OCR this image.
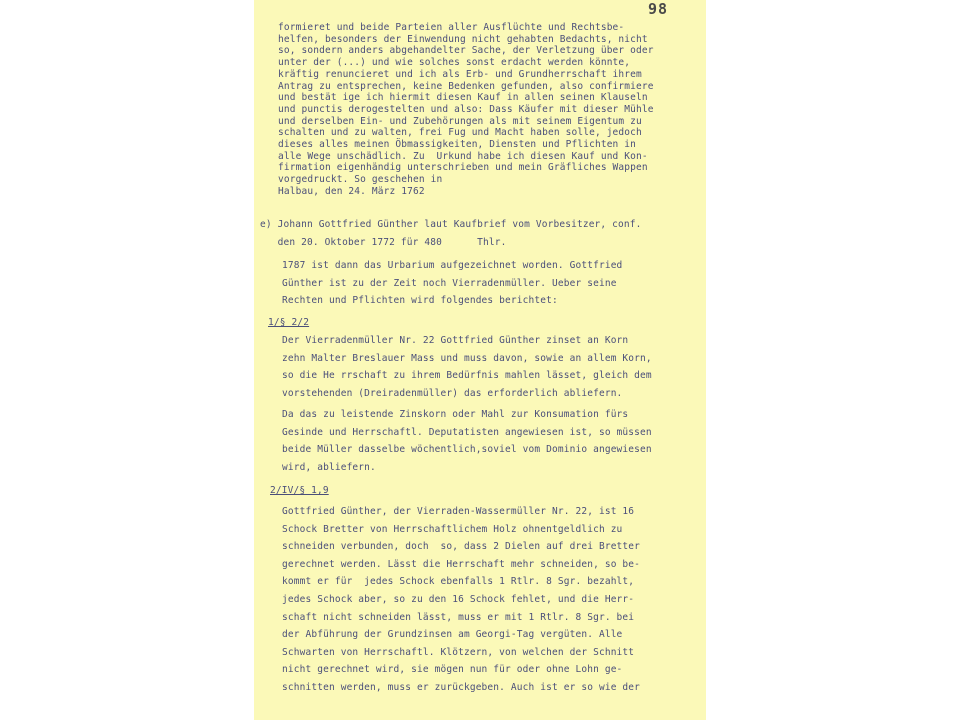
98
formieret und beide Parteien aller Ausflüchte und Rechtsbe-
helfen, besonders der Einwendung nicht gehabten Bedachts, nicht
so, sondern anders abgehandelter Sache, der Verletzung über oder
unter der (...) und wie solches sonst erdacht werden könnte,
kräftig renuncieret und ich als Erb- und Grundherrschaft ihrem
Antrag zu entsprechen, keine Bedenken gefunden, also confirmiere
und bestät ige ich hiermit diesen Kauf in allen seinen Klauseln
und punctis derogestelten und also: Dass Käufer mit dieser Mühle
und derselben Ein- und Zubehörungen als mit seinem Eigentum zu
schalten und zu walten, frei Fug und Macht haben solle, jedoch
dieses alles meinen Öbmassigkeiten, Diensten und Pflichten in
alle Wege unschädlich. Zu  Urkund habe ich diesen Kauf und Kon-
firmation eigenhändig unterschrieben und mein Gräfliches Wappen
vorgedruckt. So geschehen in
Halbau, den 24. März 1762
e) Johann Gottfried Günther laut Kaufbrief vom Vorbesitzer, conf.
den 20. Oktober 1772 für 480      Thlr.
1787 ist dann das Urbarium aufgezeichnet worden. Gottfried
Günther ist zu der Zeit noch Vierradenmüller. Ueber seine
Rechten und Pflichten wird folgendes berichtet:
1/§ 2/2
Der Vierradenmüller Nr. 22 Gottfried Günther zinset an Korn
zehn Malter Breslauer Mass und muss davon, sowie an allem Korn,
so die He rrschaft zu ihrem Bedürfnis mahlen lässet, gleich dem
vorstehenden (Dreiradenmüller) das erforderlich abliefern.
Da das zu leistende Zinskorn oder Mahl zur Konsumation fürs
Gesinde und Herrschaftl. Deputatisten angewiesen ist, so müssen
beide Müller dasselbe wöchentlich,soviel vom Dominio angewiesen
wird, abliefern.
2/IV/§ 1,9
Gottfried Günther, der Vierraden-Wassermüller Nr. 22, ist 16
Schock Bretter von Herrschaftlichem Holz ohnentgeldlich zu
schneiden verbunden, doch  so, dass 2 Dielen auf drei Bretter
gerechnet werden. Lässt die Herrschaft mehr schneiden, so be-
kommt er für  jedes Schock ebenfalls 1 Rtlr. 8 Sgr. bezahlt,
jedes Schock aber, so zu den 16 Schock fehlet, und die Herr-
schaft nicht schneiden lässt, muss er mit 1 Rtlr. 8 Sgr. bei
der Abführung der Grundzinsen am Georgi-Tag vergüten. Alle
Schwarten von Herrschaftl. Klötzern, von welchen der Schnitt
nicht gerechnet wird, sie mögen nun für oder ohne Lohn ge-
schnitten werden, muss er zurückgeben. Auch ist er so wie der
